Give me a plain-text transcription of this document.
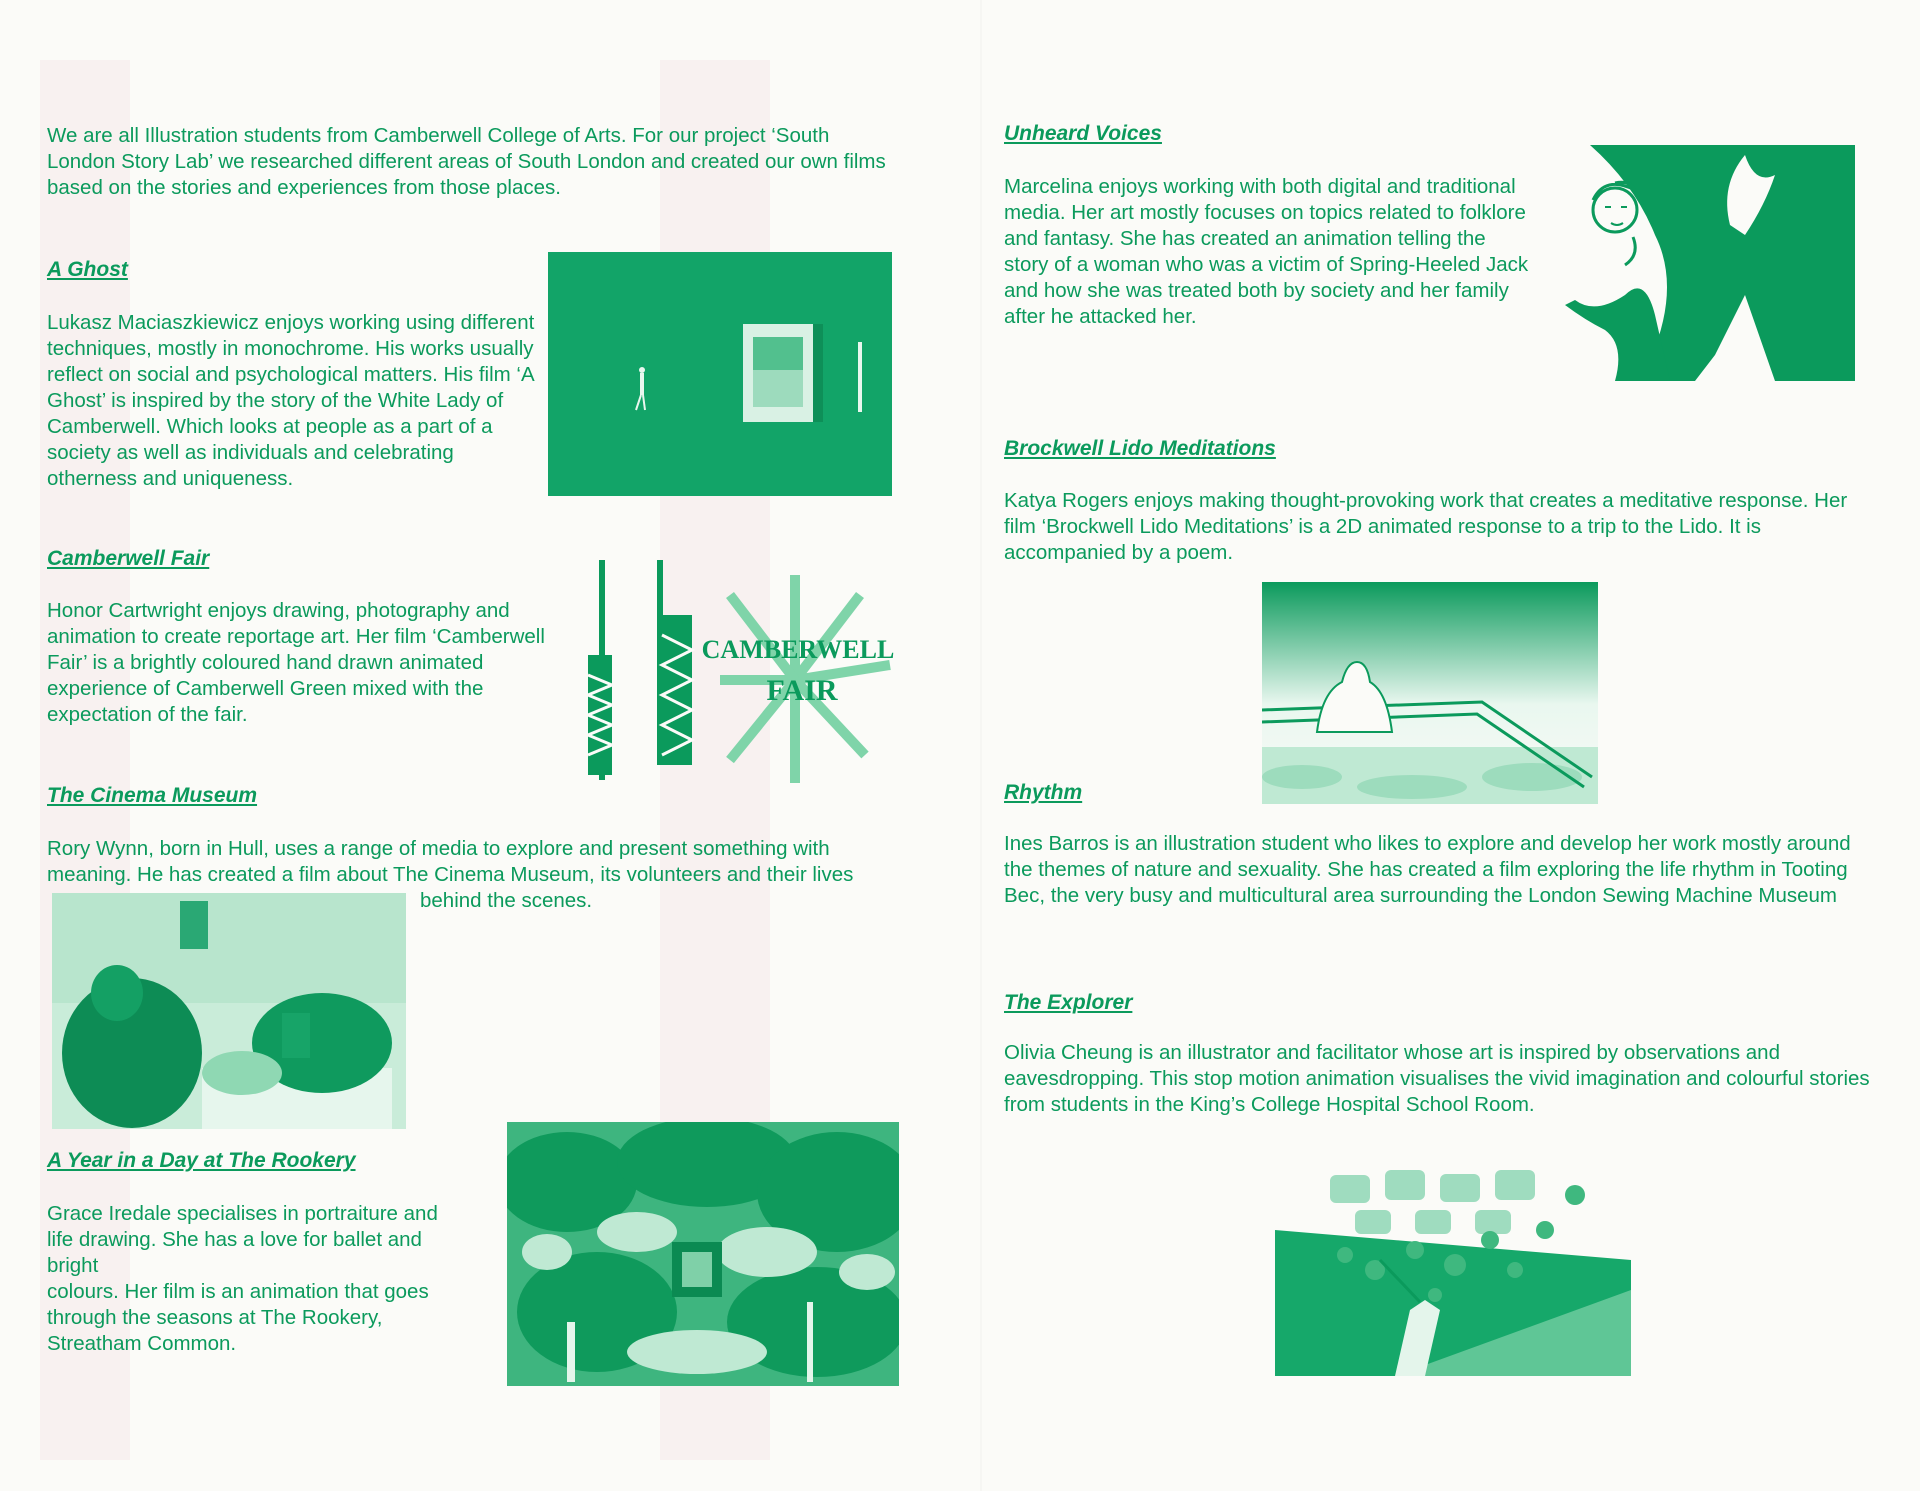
We are all Illustration students from Camberwell College of Arts. For our project ‘South London Story Lab’ we researched different areas of South London and created our own films based on the stories and experiences from those places.
A Ghost
Lukasz Maciaszkiewicz enjoys working using different techniques, mostly in monochrome. His works usually reflect on social and psychological matters. His film ‘A Ghost’ is inspired by the story of the White Lady of Camberwell. Which looks at people as a part of a society as well as individuals and celebrating otherness and uniqueness.
Camberwell Fair
Honor Cartwright enjoys drawing, photography and animation to create reportage art. Her film ‘Camberwell Fair’ is a brightly coloured hand drawn animated experience of Camberwell Green mixed with the expectation of the fair.
CAMBERWELL
FAIR
The Cinema Museum
Rory Wynn, born in Hull, uses a range of media to explore and present something with meaning. He has created a film about The Cinema Museum, its volunteers and their lives
behind the scenes.
A Year in a Day at The Rookery
Grace Iredale specialises in portraiture and
life drawing. She has a love for ballet and
bright
colours. Her film is an animation that goes
through the seasons at The Rookery,
Streatham Common.
Unheard Voices
Marcelina enjoys working with both digital and traditional media. Her art mostly focuses on topics related to folklore and fantasy. She has created an animation telling the story of a woman who was a victim of Spring-Heeled Jack and how she was treated both by society and her family after he attacked her.
Brockwell Lido Meditations
Katya Rogers enjoys making thought-provoking work that creates a meditative response. Her film ‘Brockwell Lido Meditations’ is a 2D animated response to a trip to the Lido. It is accompanied by a poem.
Rhythm
Ines Barros is an illustration student who likes to explore and develop her work mostly around the themes of nature and sexuality. She has created a film exploring the life rhythm in Tooting Bec, the very busy and multicultural area surrounding the London Sewing Machine Museum
The Explorer
Olivia Cheung is an illustrator and facilitator whose art is inspired by observations and eavesdropping. This stop motion animation visualises the vivid imagination and colourful stories from students in the King’s College Hospital School Room.
